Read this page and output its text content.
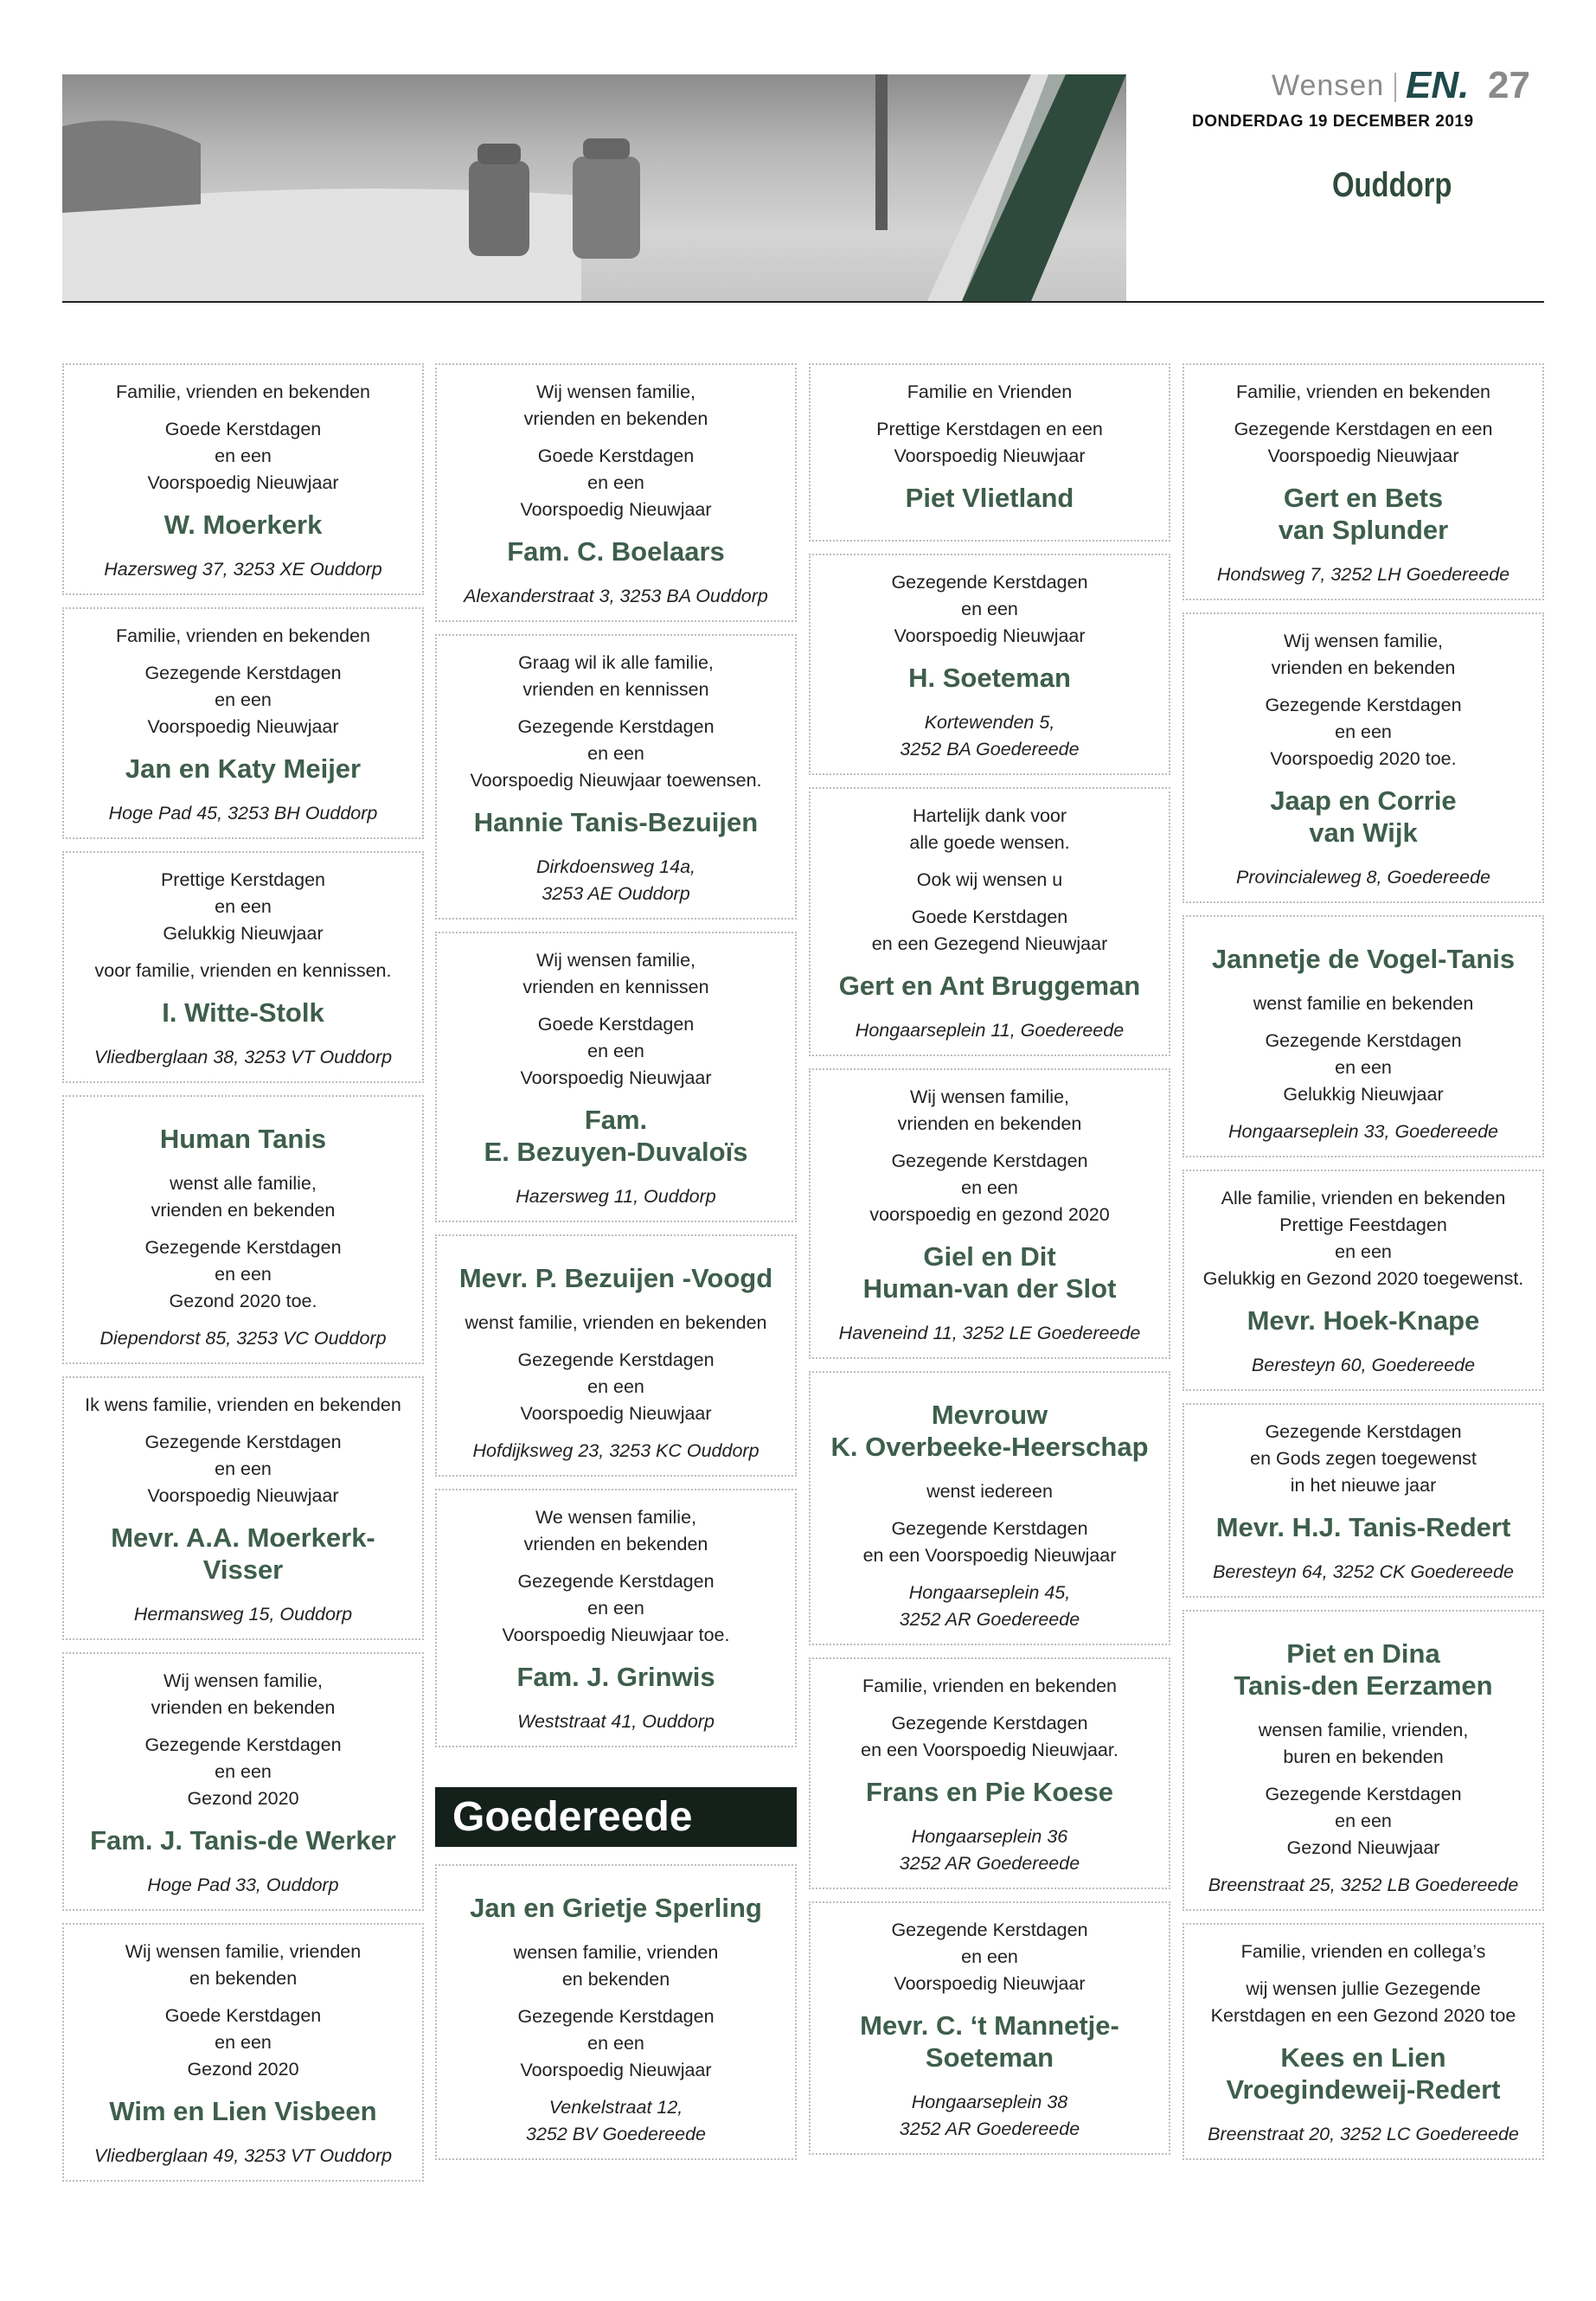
Wensen EN. 27
DONDERDAG 19 DECEMBER 2019
Ouddorp

Familie, vrienden en bekenden

Goede Kerstdagen
en een
Voorspoedig Nieuwjaar

W. Moerkerk
Hazersweg 37, 3253 XE Ouddorp

Familie, vrienden en bekenden

Gezegende Kerstdagen
en een
Voorspoedig Nieuwjaar

Jan en Katy Meijer
Hoge Pad 45, 3253 BH Ouddorp

Prettige Kerstdagen
en een
Gelukkig Nieuwjaar

voor familie, vrienden en kennissen.

I. Witte-Stolk
Vliedberglaan 38, 3253 VT Ouddorp
Human Tanis

wenst alle familie,
vrienden en bekenden

Gezegende Kerstdagen
en een
Gezond 2020 toe.

Diependorst 85, 3253 VC Ouddorp

Ik wens familie, vrienden en bekenden

Gezegende Kerstdagen
en een
Voorspoedig Nieuwjaar

Mevr. A.A. Moerkerk-Visser
Hermansweg 15, Ouddorp

Wij wensen familie,
vrienden en bekenden

Gezegende Kerstdagen
en een
Gezond 2020

Fam. J. Tanis-de Werker
Hoge Pad 33, Ouddorp

Wij wensen familie, vrienden
en bekenden

Goede Kerstdagen
en een
Gezond 2020

Wim en Lien Visbeen
Vliedberglaan 49, 3253 VT Ouddorp

Wij wensen familie,
vrienden en bekenden

Goede Kerstdagen
en een
Voorspoedig Nieuwjaar

Fam. C. Boelaars
Alexanderstraat 3, 3253 BA Ouddorp

Graag wil ik alle familie,
vrienden en kennissen

Gezegende Kerstdagen
en een
Voorspoedig Nieuwjaar toewensen.

Hannie Tanis-Bezuijen
Dirkdoensweg 14a,
3253 AE Ouddorp

Wij wensen familie,
vrienden en kennissen

Goede Kerstdagen
en een
Voorspoedig Nieuwjaar

Fam.
E. Bezuyen-Duvaloïs
Hazersweg 11, Ouddorp
Mevr. P. Bezuijen -Voogd

wenst familie, vrienden en bekenden

Gezegende Kerstdagen
en een
Voorspoedig Nieuwjaar

Hofdijksweg 23, 3253 KC Ouddorp

We wensen familie,
vrienden en bekenden

Gezegende Kerstdagen
en een
Voorspoedig Nieuwjaar toe.

Fam. J. Grinwis
Weststraat 41, Ouddorp
Goedereede
Jan en Grietje Sperling

wensen familie, vrienden
en bekenden

Gezegende Kerstdagen
en een
Voorspoedig Nieuwjaar

Venkelstraat 12,
3252 BV Goedereede

Familie en Vrienden

Prettige Kerstdagen en een
Voorspoedig Nieuwjaar

Piet Vlietland

Gezegende Kerstdagen
en een
Voorspoedig Nieuwjaar

H. Soeteman
Kortewenden 5,
3252 BA Goedereede

Hartelijk dank voor
alle goede wensen.

Ook wij wensen u

Goede Kerstdagen
en een Gezegend Nieuwjaar

Gert en Ant Bruggeman
Hongaarseplein 11, Goedereede

Wij wensen familie,
vrienden en bekenden

Gezegende Kerstdagen
en een
voorspoedig en gezond 2020

Giel en Dit
Human-van der Slot
Haveneind 11, 3252 LE Goedereede
Mevrouw
K. Overbeeke-Heerschap

wenst iedereen

Gezegende Kerstdagen
en een Voorspoedig Nieuwjaar

Hongaarseplein 45,
3252 AR Goedereede

Familie, vrienden en bekenden

Gezegende Kerstdagen
en een Voorspoedig Nieuwjaar.

Frans en Pie Koese
Hongaarseplein 36
3252 AR Goedereede

Gezegende Kerstdagen
en een
Voorspoedig Nieuwjaar

Mevr. C. ‘t Mannetje-
Soeteman
Hongaarseplein 38
3252 AR Goedereede

Familie, vrienden en bekenden

Gezegende Kerstdagen en een
Voorspoedig Nieuwjaar

Gert en Bets
van Splunder
Hondsweg 7, 3252 LH Goedereede

Wij wensen familie,
vrienden en bekenden

Gezegende Kerstdagen
en een
Voorspoedig 2020 toe.

Jaap en Corrie
van Wijk
Provincialeweg 8, Goedereede
Jannetje de Vogel-Tanis

wenst familie en bekenden

Gezegende Kerstdagen
en een
Gelukkig Nieuwjaar

Hongaarseplein 33, Goedereede

Alle familie, vrienden en bekenden
Prettige Feestdagen
en een
Gelukkig en Gezond 2020 toegewenst.

Mevr. Hoek-Knape
Beresteyn 60, Goedereede

Gezegende Kerstdagen
en Gods zegen toegewenst
in het nieuwe jaar

Mevr. H.J. Tanis-Redert
Beresteyn 64, 3252 CK Goedereede
Piet en Dina
Tanis-den Eerzamen

wensen familie, vrienden,
buren en bekenden

Gezegende Kerstdagen
en een
Gezond Nieuwjaar

Breenstraat 25, 3252 LB Goedereede

Familie, vrienden en collega’s

wij wensen jullie Gezegende
Kerstdagen en een Gezond 2020 toe

Kees en Lien
Vroegindeweij-Redert
Breenstraat 20, 3252 LC Goedereede
